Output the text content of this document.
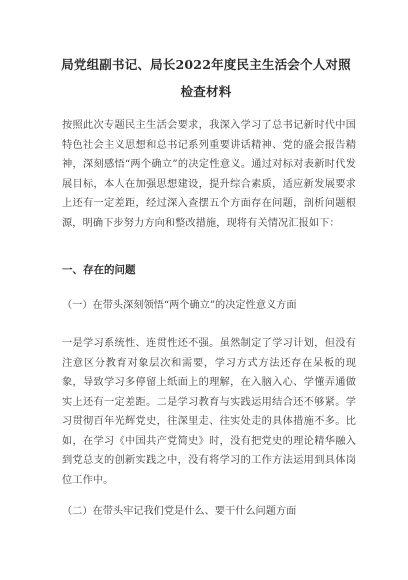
局党组副书记、局长2022年度民主生活会个人对照检查材料
按照此次专题民主生活会要求，我深入学习了总书记新时代中国特色社会主义思想和总书记系列重要讲话精神、党的盛会报告精神，深刻感悟“两个确立”的决定性意义。通过对标对表新时代发展目标，本人在加强思想建设，提升综合素质，适应新发展要求上还有一定差距，经过深入查摆五个方面存在问题，剖析问题根源，明确下步努力方向和整改措施，现将有关情况汇报如下：
一、存在的问题
（一）在带头深刻领悟“两个确立”的决定性意义方面
一是学习系统性、连贯性还不强。虽然制定了学习计划，但没有注意区分教育对象层次和需要，学习方式方法还存在呆板的现象，导致学习多停留上纸面上的理解，在入脑入心、学懂弄通做实上还有一定差距。二是学习教育与实践运用结合还不够紧。学习贯彻百年光辉党史，往深里走、往实处走的具体措施不多。比如，在学习《中国共产党简史》时，没有把党史的理论精华融入到党总支的创新实践之中，没有将学习的工作方法运用到具体岗位工作中。
（二）在带头牢记我们党是什么、要干什么问题方面
